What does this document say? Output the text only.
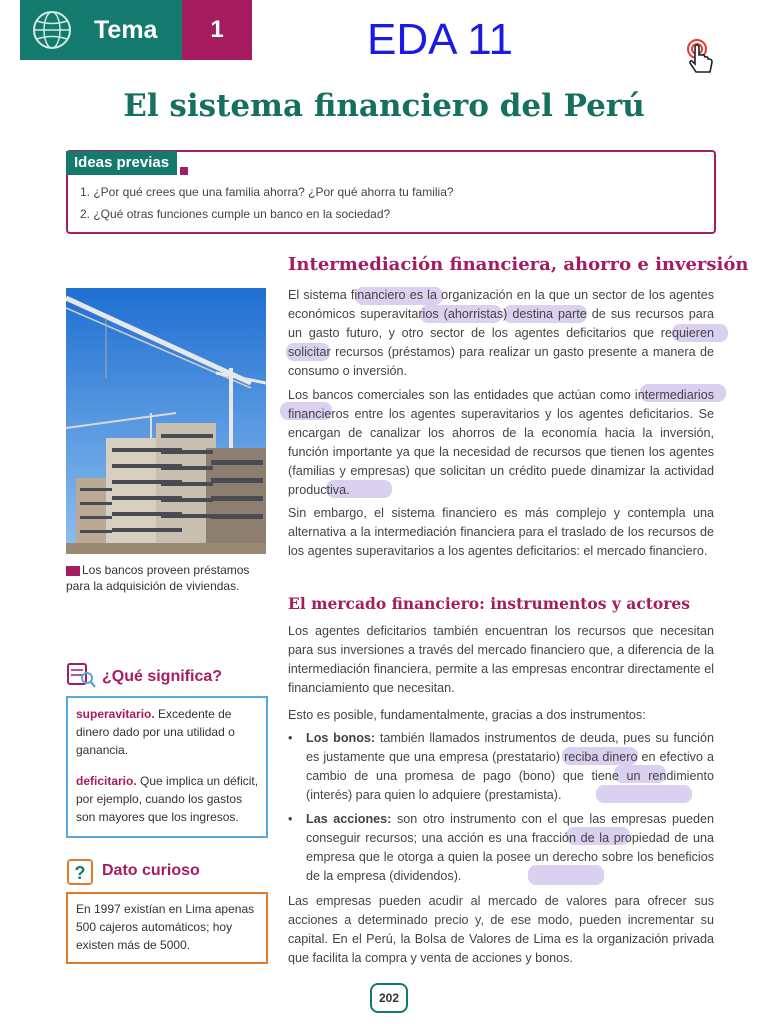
Tema	1	EDA 11
El sistema financiero del Perú
Ideas previas
1. ¿Por qué crees que una familia ahorra? ¿Por qué ahorra tu familia?
2. ¿Qué otras funciones cumple un banco en la sociedad?
Los bancos proveen préstamos para la adquisición de viviendas.
¿Qué significa?
superavitario. Excedente de dinero dado por una utilidad o ganancia.
deficitario. Que implica un déficit, por ejemplo, cuando los gastos son mayores que los ingresos.
? Dato curioso
En 1997 existían en Lima apenas 500 cajeros automáticos; hoy existen más de 5000.
Intermediación financiera, ahorro e inversión

El sistema financiero es la organización en la que un sector de los agentes económicos superavitarios (ahorristas) destina parte de sus recursos para un gasto futuro, y otro sector de los agentes deficitarios que requieren solicitar recursos (préstamos) para realizar un gasto presente a manera de consumo o inversión.

Los bancos comerciales son las entidades que actúan como intermediarios financieros entre los agentes superavitarios y los agentes deficitarios. Se encargan de canalizar los ahorros de la economía hacia la inversión, función importante ya que la necesidad de recursos que tienen los agentes (familias y empresas) que solicitan un crédito puede dinamizar la actividad productiva.

Sin embargo, el sistema financiero es más complejo y contempla una alternativa a la intermediación financiera para el traslado de los recursos de los agentes superavitarios a los agentes deficitarios: el mercado financiero.

El mercado financiero: instrumentos y actores

Los agentes deficitarios también encuentran los recursos que necesitan para sus inversiones a través del mercado financiero que, a diferencia de la intermediación financiera, permite a las empresas encontrar directamente el financiamiento que necesitan.

Esto es posible, fundamentalmente, gracias a dos instrumentos:

• Los bonos: también llamados instrumentos de deuda, pues su función es justamente que una empresa (prestatario) reciba dinero en efectivo a cambio de una promesa de pago (bono) que tiene un rendimiento (interés) para quien lo adquiere (prestamista).
• Las acciones: son otro instrumento con el que las empresas pueden conseguir recursos; una acción es una fracción de la propiedad de una empresa que le otorga a quien la posee un derecho sobre los beneficios de la empresa (dividendos).

Las empresas pueden acudir al mercado de valores para ofrecer sus acciones a determinado precio y, de ese modo, pueden incrementar su capital. En el Perú, la Bolsa de Valores de Lima es la organización privada que facilita la compra y venta de acciones y bonos.

202
